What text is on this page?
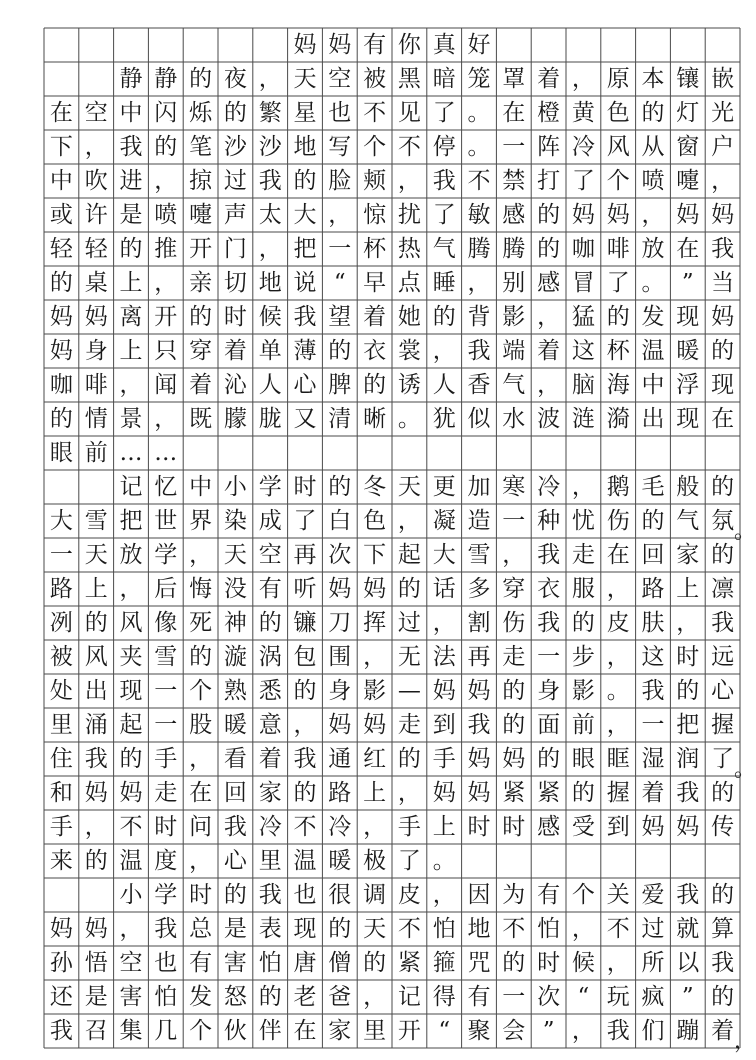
妈 妈 有 你 真 好
静 静 的 夜 ， 天 空 被 黑 暗 笼 罩 着 ， 原 本 镶 嵌
在 空 中 闪 烁 的 繁 星 也 不 见 了 。 在 橙 黄 色 的 灯 光
下 ， 我 的 笔 沙 沙 地 写 个 不 停 。 一 阵 冷 风 从 窗 户
中 吹 进 ， 掠 过 我 的 脸 颊 ， 我 不 禁 打 了 个 喷 嚏 ，
或 许 是 喷 嚏 声 太 大 ， 惊 扰 了 敏 感 的 妈 妈 ， 妈 妈
轻 轻 的 推 开 门 ， 把 一 杯 热 气 腾 腾 的 咖 啡 放 在 我
的 桌 上 ， 亲 切 地 说 “ 早 点 睡 ， 别 感 冒 了 。 ” 当
妈 妈 离 开 的 时 候 我 望 着 她 的 背 影 ， 猛 的 发 现 妈
妈 身 上 只 穿 着 单 薄 的 衣 裳 ， 我 端 着 这 杯 温 暖 的
咖 啡 ， 闻 着 沁 人 心 脾 的 诱 人 香 气 ， 脑 海 中 浮 现
的 情 景 ， 既 朦 胧 又 清 晰 。 犹 似 水 波 涟 漪 出 现 在
眼 前 … …
记 忆 中 小 学 时 的 冬 天 更 加 寒 冷 ， 鹅 毛 般 的
大 雪 把 世 界 染 成 了 白 色 ， 凝 造 一 种 忧 伤 的 气 氛 。
一 天 放 学 ， 天 空 再 次 下 起 大 雪 ， 我 走 在 回 家 的
路 上 ， 后 悔 没 有 听 妈 妈 的 话 多 穿 衣 服 ， 路 上 凛
冽 的 风 像 死 神 的 镰 刀 挥 过 ， 割 伤 我 的 皮 肤 ， 我
被 风 夹 雪 的 漩 涡 包 围 ， 无 法 再 走 一 步 ， 这 时 远
处 出 现 一 个 熟 悉 的 身 影 — 妈 妈 的 身 影 。 我 的 心
里 涌 起 一 股 暖 意 ， 妈 妈 走 到 我 的 面 前 ， 一 把 握
住 我 的 手 ， 看 着 我 通 红 的 手 妈 妈 的 眼 眶 湿 润 了 。
和 妈 妈 走 在 回 家 的 路 上 ， 妈 妈 紧 紧 的 握 着 我 的
手 ， 不 时 问 我 冷 不 冷 ， 手 上 时 时 感 受 到 妈 妈 传
来 的 温 度 ， 心 里 温 暖 极 了 。
小 学 时 的 我 也 很 调 皮 ， 因 为 有 个 关 爱 我 的
妈 妈 ， 我 总 是 表 现 的 天 不 怕 地 不 怕 ， 不 过 就 算
孙 悟 空 也 有 害 怕 唐 僧 的 紧 箍 咒 的 时 候 ， 所 以 我
还 是 害 怕 发 怒 的 老 爸 ， 记 得 有 一 次 “ 玩 疯 ” 的
我 召 集 几 个 伙 伴 在 家 里 开 “ 聚 会 ” ， 我 们 蹦 着 ，
